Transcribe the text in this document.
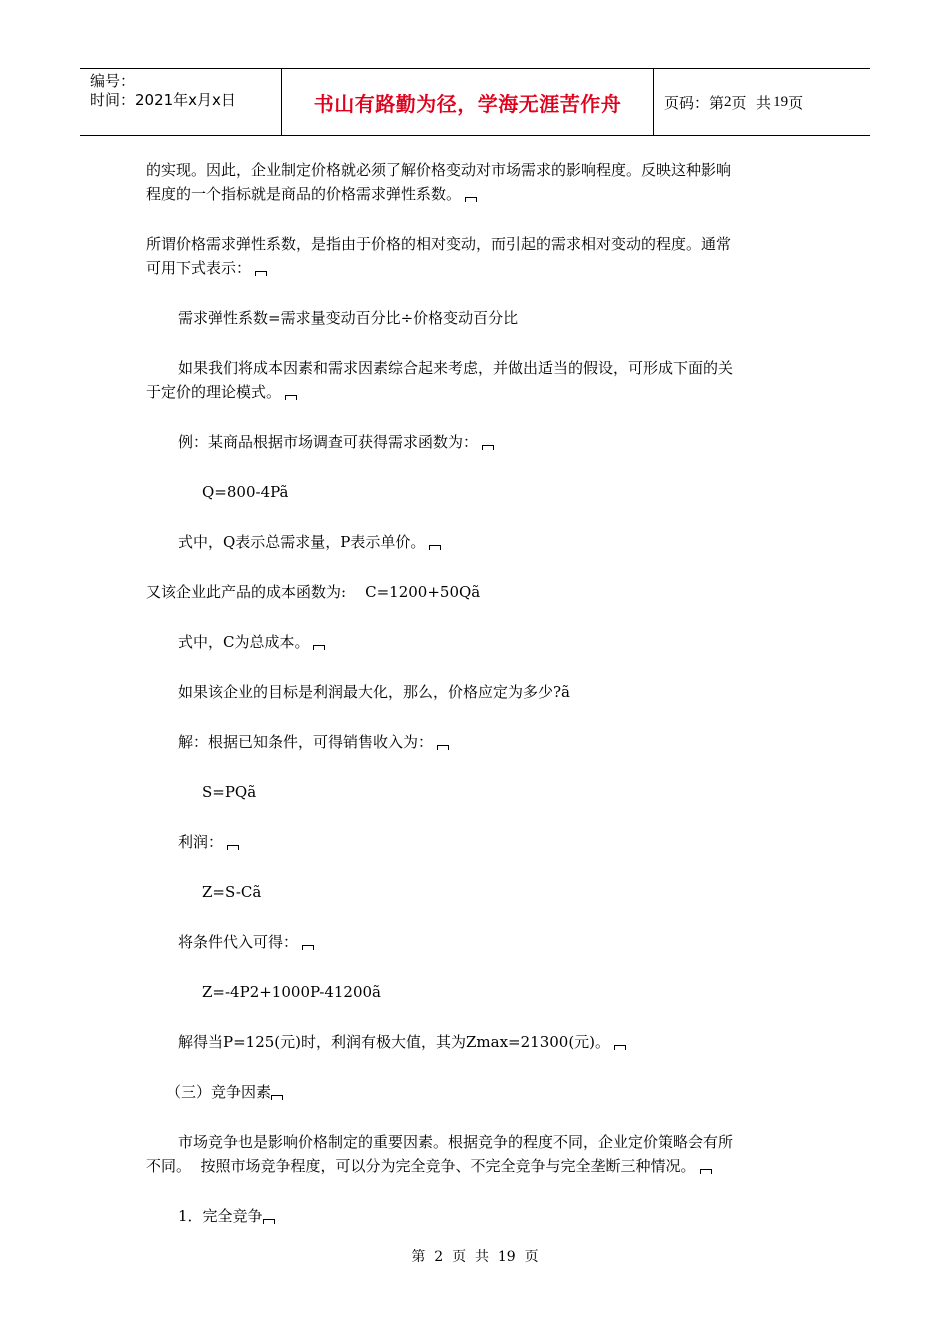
编号：
时间：2021年x月x日	书山有路勤为径，学海无涯苦作舟	页码：第 2 页  共 19 页

的实现。因此，企业制定价格就必须了解价格变动对市场需求的影响程度。反映这种影响

程度的一个指标就是商品的价格需求弹性系数。

所谓价格需求弹性系数，是指由于价格的相对变动，而引起的需求相对变动的程度。通常

可用下式表示：

需求弹性系数=需求量变动百分比÷价格变动百分比

如果我们将成本因素和需求因素综合起来考虑，并做出适当的假设，可形成下面的关

于定价的理论模式。

例：某商品根据市场调查可获得需求函数为：

Q=800-4Pã

式中，Q表示总需求量，P表示单价。

又该企业此产品的成本函数为:    C=1200+50Qã

式中，C为总成本。

如果该企业的目标是利润最大化，那么，价格应定为多少?ã

解：根据已知条件，可得销售收入为：

S=PQã

利润：

Z=S-Cã

将条件代入可得：

Z=-4P2+1000P-41200ã

解得当P=125(元)时，利润有极大值，其为Zmax=21300(元)。

（三）竞争因素

市场竞争也是影响价格制定的重要因素。根据竞争的程度不同，企业定价策略会有所

不同。  按照市场竞争程度，可以分为完全竞争、不完全竞争与完全垄断三种情况。

1．完全竞争

第  2  页  共  19  页
